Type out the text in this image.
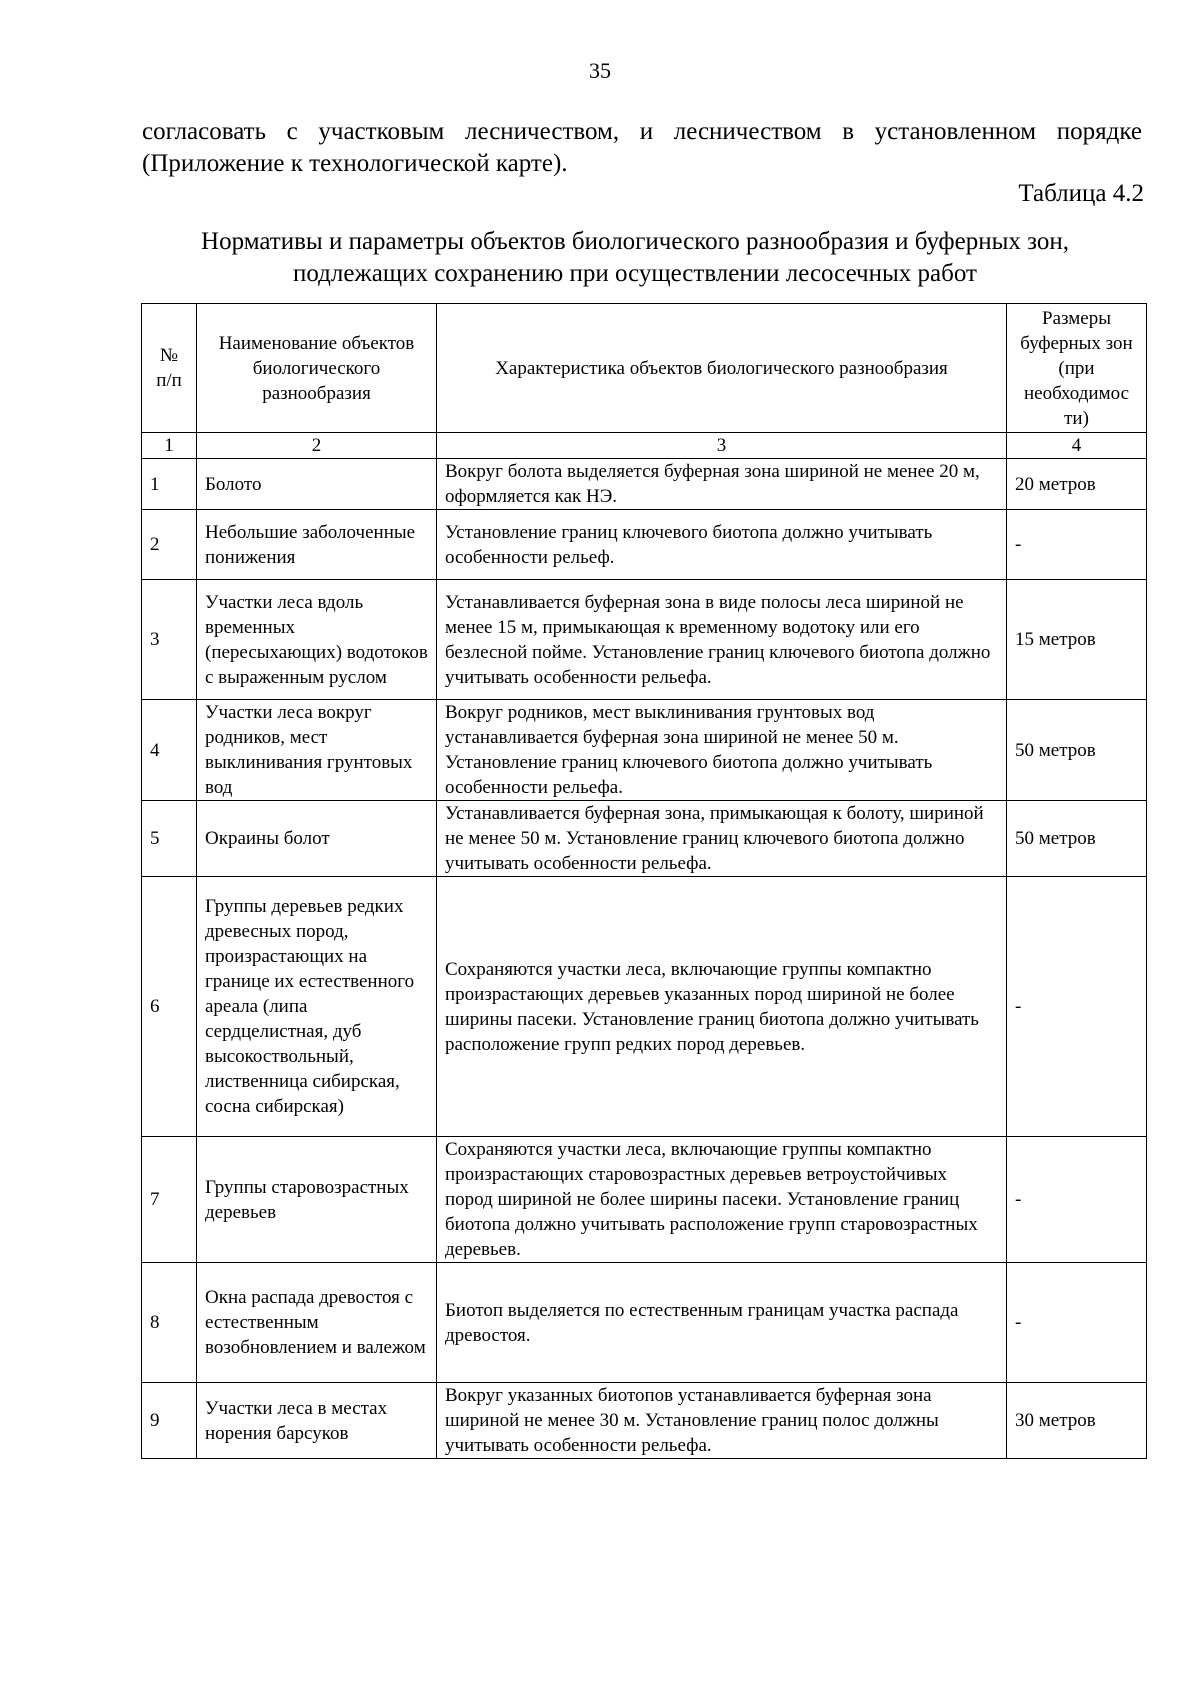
35
согласовать с участковым лесничеством, и лесничеством в установленном порядке (Приложение к технологической карте).
Таблица 4.2
Нормативы и параметры объектов биологического разнообразия и буферных зон, подлежащих сохранению при осуществлении лесосечных работ
№ п/п	Наименование объектов биологического разнообразия	Характеристика объектов биологического разнообразия	Размеры буферных зон (при необходимос ти)
1	2	3	4
1	Болото	Вокруг болота выделяется буферная зона шириной не менее 20 м, оформляется как НЭ.	20 метров
2	Небольшие заболоченные понижения	Установление границ ключевого биотопа должно учитывать особенности рельеф.	-
3	Участки леса вдоль временных (пересыхающих) водотоков с выраженным руслом	Устанавливается буферная зона в виде полосы леса шириной не менее 15 м, примыкающая к временному водотоку или его безлесной пойме. Установление границ ключевого биотопа должно учитывать особенности рельефа.	15 метров
4	Участки леса вокруг родников, мест выклинивания грунтовых вод	Вокруг родников, мест выклинивания грунтовых вод устанавливается буферная зона шириной не менее 50 м. Установление границ ключевого биотопа должно учитывать особенности рельефа.	50 метров
5	Окраины болот	Устанавливается буферная зона, примыкающая к болоту, шириной не менее 50 м. Установление границ ключевого биотопа должно учитывать особенности рельефа.	50 метров
6	Группы деревьев редких древесных пород, произрастающих на границе их естественного ареала (липа сердцелистная, дуб высокоствольный, лиственница сибирская, сосна сибирская)	Сохраняются участки леса, включающие группы компактно произрастающих деревьев указанных пород шириной не более ширины пасеки. Установление границ биотопа должно учитывать расположение групп редких пород деревьев.	-
7	Группы старовозрастных деревьев	Сохраняются участки леса, включающие группы компактно произрастающих старовозрастных деревьев ветроустойчивых пород шириной не более ширины пасеки. Установление границ биотопа должно учитывать расположение групп старовозрастных деревьев.	-
8	Окна распада древостоя с естественным возобновлением и валежом	Биотоп выделяется по естественным границам участка распада древостоя.	-
9	Участки леса в местах норения барсуков	Вокруг указанных биотопов устанавливается буферная зона шириной не менее 30 м. Установление границ полос должны учитывать особенности рельефа.	30 метров
